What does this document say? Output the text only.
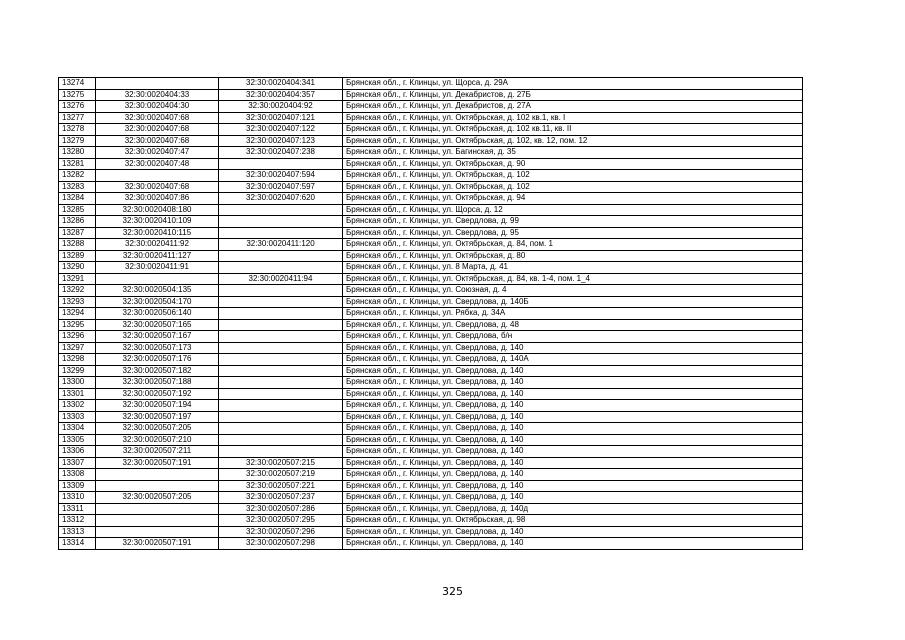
13274		32:30:0020404:341	Брянская обл., г. Клинцы, ул. Щорса, д. 29А
13275	32:30:0020404:33	32:30:0020404:357	Брянская обл., г. Клинцы, ул. Декабристов, д. 27Б
13276	32:30:0020404:30	32:30:0020404:92	Брянская обл., г. Клинцы, ул. Декабристов, д. 27А
13277	32:30:0020407:68	32:30:0020407:121	Брянская обл., г. Клинцы, ул. Октябрьская, д. 102 кв.1, кв. I
13278	32:30:0020407:68	32:30:0020407:122	Брянская обл., г. Клинцы, ул. Октябрьская, д. 102 кв.11, кв. II
13279	32:30:0020407:68	32:30:0020407:123	Брянская обл., г. Клинцы, ул. Октябрьская, д. 102, кв. 12, пом. 12
13280	32:30:0020407:47	32:30:0020407:238	Брянская обл., г. Клинцы, ул. Багинская, д. 35
13281	32:30:0020407:48		Брянская обл., г. Клинцы, ул. Октябрьская, д. 90
13282		32:30:0020407:594	Брянская обл., г. Клинцы, ул. Октябрьская, д. 102
13283	32:30:0020407:68	32:30:0020407:597	Брянская обл., г. Клинцы, ул. Октябрьская, д. 102
13284	32:30:0020407:86	32:30:0020407:620	Брянская обл., г. Клинцы, ул. Октябрьская, д. 94
13285	32:30:0020408:180		Брянская обл., г. Клинцы, ул. Щорса, д. 12
13286	32:30:0020410:109		Брянская обл., г. Клинцы, ул. Свердлова, д. 99
13287	32:30:0020410:115		Брянская обл., г. Клинцы, ул. Свердлова, д. 95
13288	32:30:0020411:92	32:30:0020411:120	Брянская обл., г. Клинцы, ул. Октябрьская, д. 84, пом. 1
13289	32:30:0020411:127		Брянская обл., г. Клинцы, ул. Октябрьская, д. 80
13290	32:30:0020411:91		Брянская обл., г. Клинцы, ул. 8 Марта, д. 41
13291		32:30:0020411:94	Брянская обл., г. Клинцы, ул. Октябрьская, д. 84, кв. 1-4, пом. 1_4
13292	32:30:0020504:135		Брянская обл., г. Клинцы, ул. Союзная, д. 4
13293	32:30:0020504:170		Брянская обл., г. Клинцы, ул. Свердлова, д. 140Б
13294	32:30:0020506:140		Брянская обл., г. Клинцы, ул. Рябка, д. 34А
13295	32:30:0020507:165		Брянская обл., г. Клинцы, ул. Свердлова, д. 48
13296	32:30:0020507:167		Брянская обл., г. Клинцы, ул. Свердлова, б/н
13297	32:30:0020507:173		Брянская обл., г. Клинцы, ул. Свердлова, д. 140
13298	32:30:0020507:176		Брянская обл., г. Клинцы, ул. Свердлова, д. 140А
13299	32:30:0020507:182		Брянская обл., г. Клинцы, ул. Свердлова, д. 140
13300	32:30:0020507:188		Брянская обл., г. Клинцы, ул. Свердлова, д. 140
13301	32:30:0020507:192		Брянская обл., г. Клинцы, ул. Свердлова, д. 140
13302	32:30:0020507:194		Брянская обл., г. Клинцы, ул. Свердлова, д. 140
13303	32:30:0020507:197		Брянская обл., г. Клинцы, ул. Свердлова, д. 140
13304	32:30:0020507:205		Брянская обл., г. Клинцы, ул. Свердлова, д. 140
13305	32:30:0020507:210		Брянская обл., г. Клинцы, ул. Свердлова, д. 140
13306	32:30:0020507:211		Брянская обл., г. Клинцы, ул. Свердлова, д. 140
13307	32:30:0020507:191	32:30:0020507:215	Брянская обл., г. Клинцы, ул. Свердлова, д. 140
13308		32:30:0020507:219	Брянская обл., г. Клинцы, ул. Свердлова, д. 140
13309		32:30:0020507:221	Брянская обл., г. Клинцы, ул. Свердлова, д. 140
13310	32:30:0020507:205	32:30:0020507:237	Брянская обл., г. Клинцы, ул. Свердлова, д. 140
13311		32:30:0020507:286	Брянская обл., г. Клинцы, ул. Свердлова, д. 140д
13312		32:30:0020507:295	Брянская обл., г. Клинцы, ул. Октябрьская, д. 98
13313		32:30:0020507:296	Брянская обл., г. Клинцы, ул. Свердлова, д. 140
13314	32:30:0020507:191	32:30:0020507:298	Брянская обл., г. Клинцы, ул. Свердлова, д. 140
325
